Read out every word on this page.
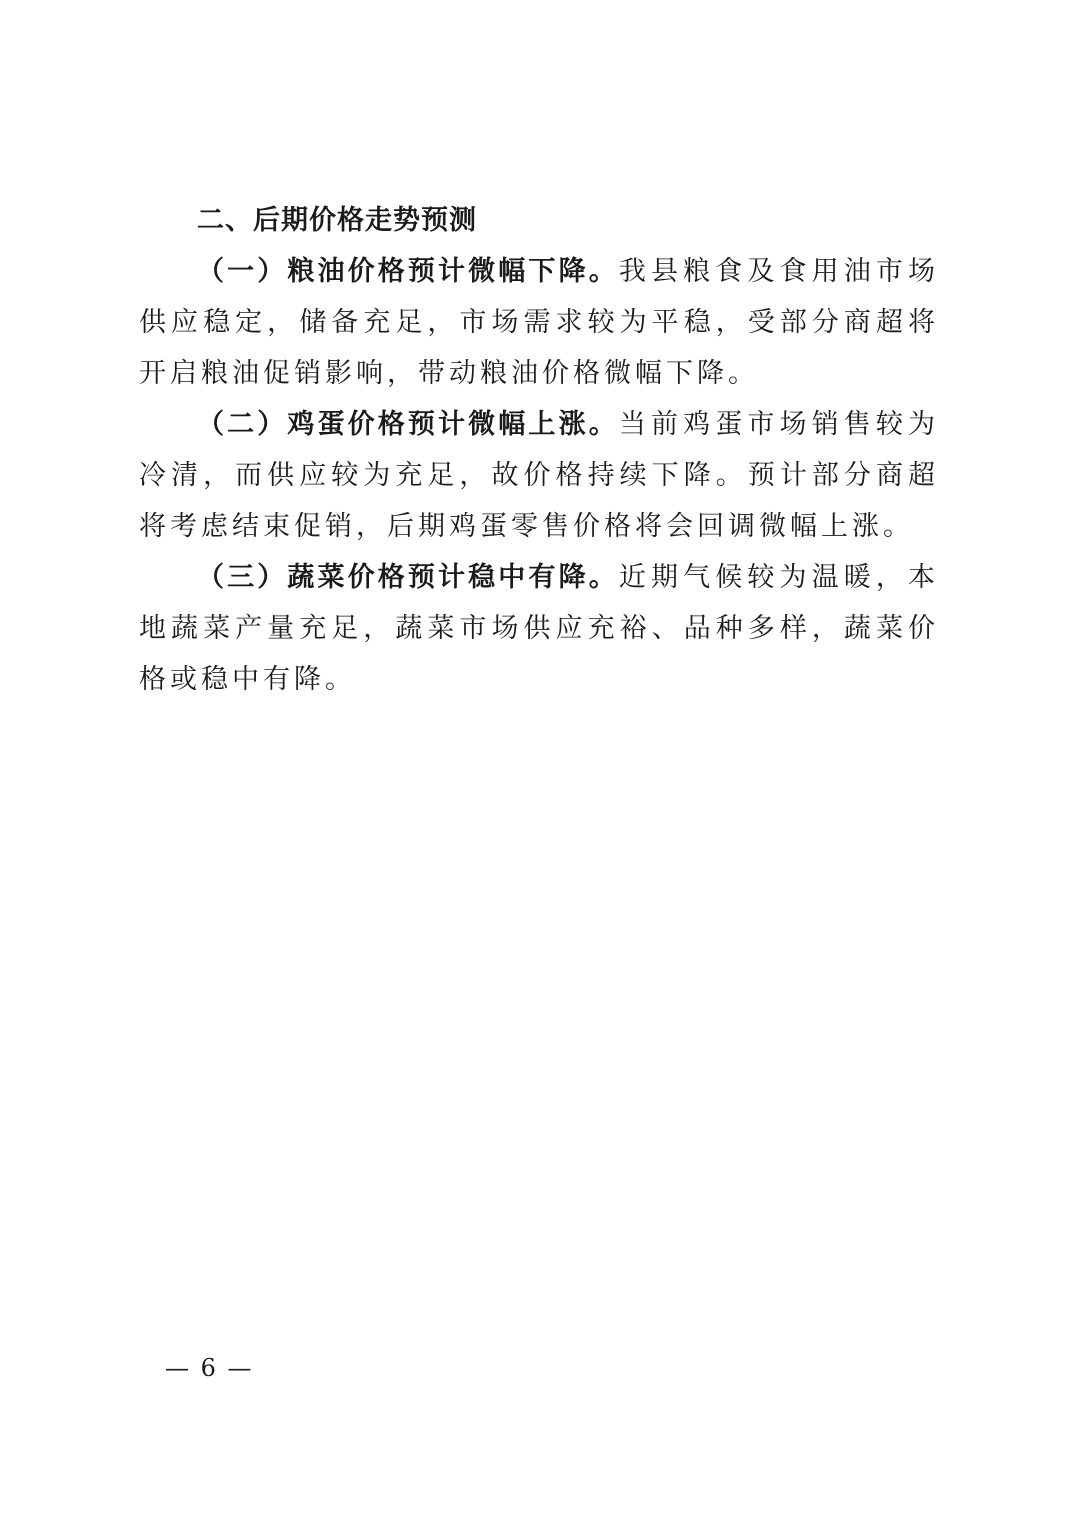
二、后期价格走势预测

（一）粮油价格预计微幅下降。我县粮食及食用油市场供应稳定，储备充足，市场需求较为平稳，受部分商超将开启粮油促销影响，带动粮油价格微幅下降。

（二）鸡蛋价格预计微幅上涨。当前鸡蛋市场销售较为冷清，而供应较为充足，故价格持续下降。预计部分商超将考虑结束促销，后期鸡蛋零售价格将会回调微幅上涨。

（三）蔬菜价格预计稳中有降。近期气候较为温暖，本地蔬菜产量充足，蔬菜市场供应充裕、品种多样，蔬菜价格或稳中有降。

— 6 —
